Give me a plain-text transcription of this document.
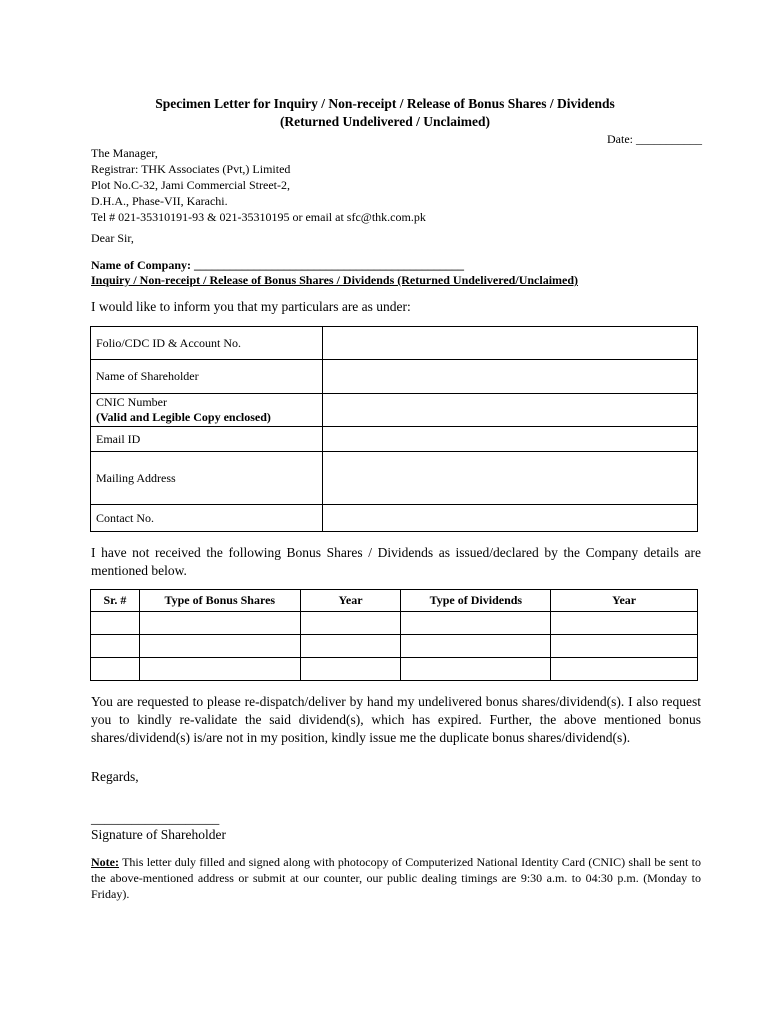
Specimen Letter for Inquiry / Non-receipt / Release of Bonus Shares / Dividends
(Returned Undelivered / Unclaimed)
Date: ___________
The Manager,
Registrar: THK Associates (Pvt,) Limited
Plot No.C-32, Jami Commercial Street-2,
D.H.A., Phase-VII, Karachi.
Tel # 021-35310191-93 & 021-35310195 or email at sfc@thk.com.pk
Dear Sir,
Name of Company: _____________________________________________
Inquiry / Non-receipt / Release of Bonus Shares / Dividends (Returned Undelivered/Unclaimed)
I would like to inform you that my particulars are as under:
Folio/CDC ID & Account No.	
Name of Shareholder	

CNIC Number
(Valid and Legible Copy enclosed)	

Email ID	
Mailing Address	
Contact No.	
I have not received the following Bonus Shares / Dividends as issued/declared by the Company details are mentioned below.
Sr. #	Type of Bonus Shares	Year	Type of Dividends	Year

You are requested to please re-dispatch/deliver by hand my undelivered bonus shares/dividend(s). I also request you to kindly re-validate the said dividend(s), which has expired. Further, the above mentioned bonus shares/dividend(s) is/are not in my position, kindly issue me the duplicate bonus shares/dividend(s).
Regards,
___________________
Signature of Shareholder
Note: This letter duly filled and signed along with photocopy of Computerized National Identity Card (CNIC) shall be sent to the above-mentioned address or submit at our counter, our public dealing timings are 9:30 a.m. to 04:30 p.m. (Monday to Friday).
